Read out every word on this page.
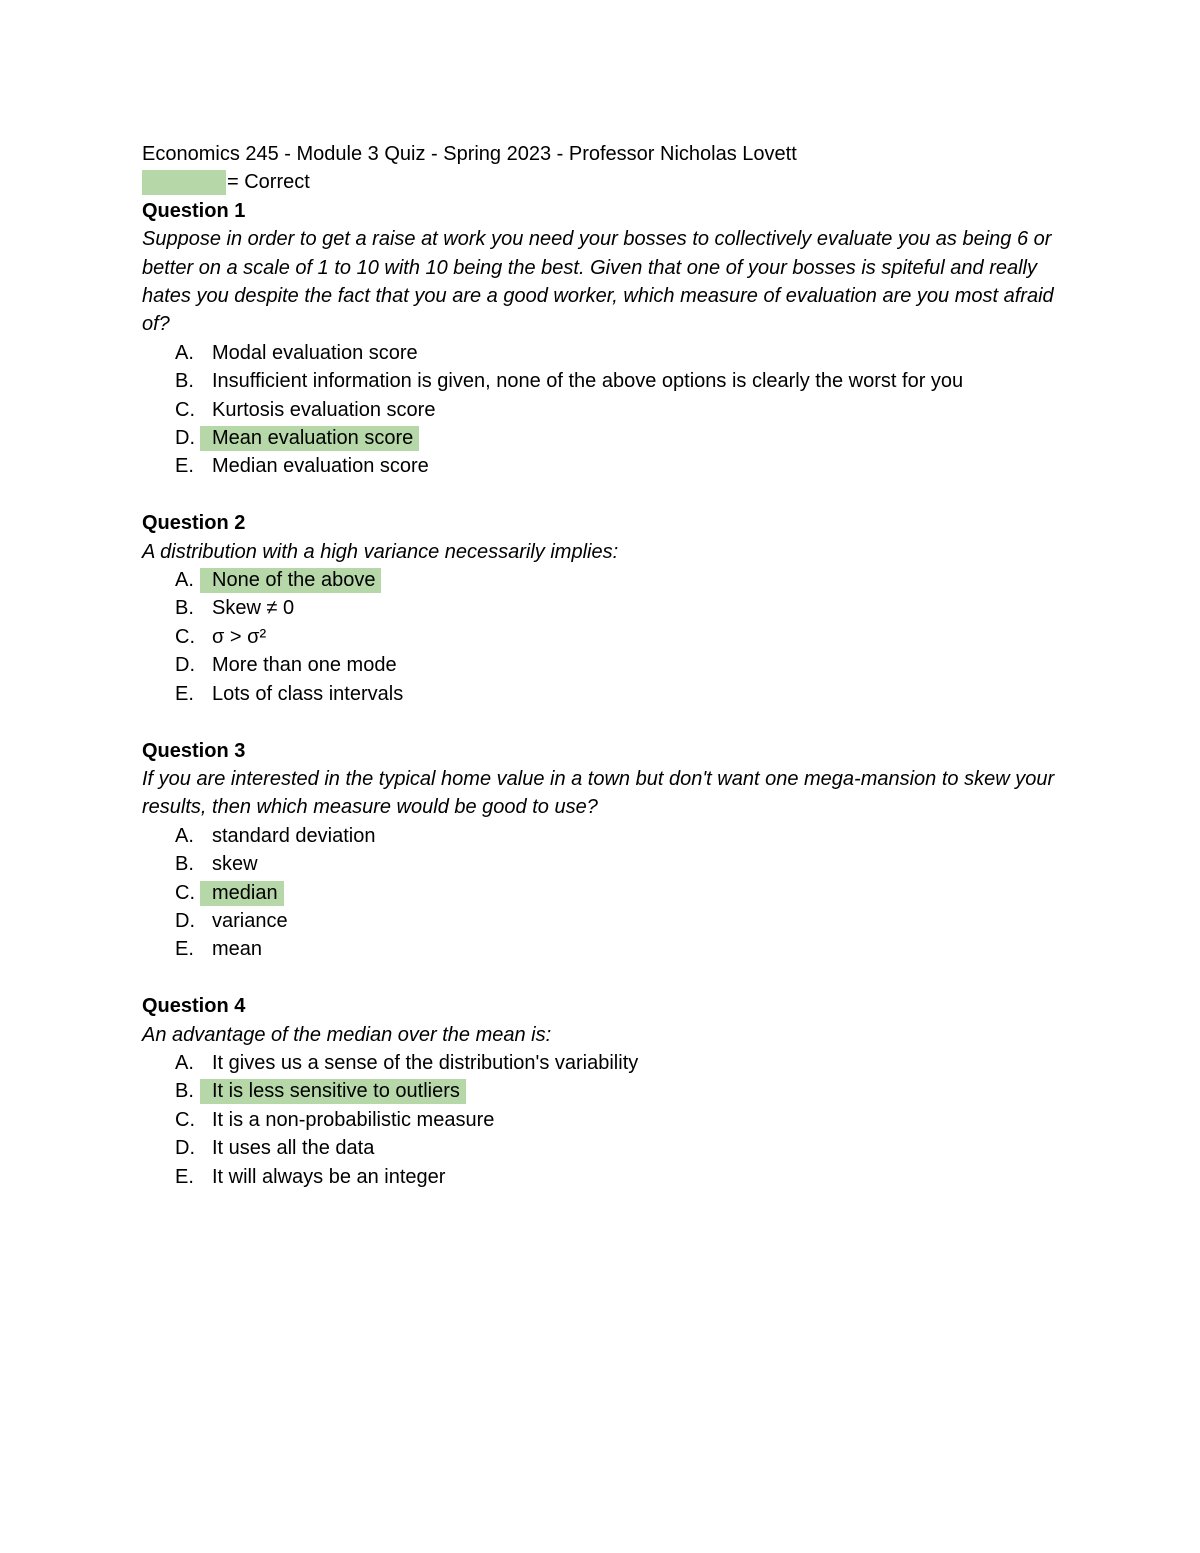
Economics 245 - Module 3 Quiz - Spring 2023 - Professor Nicholas Lovett
= Correct
Question 1
Suppose in order to get a raise at work you need your bosses to collectively evaluate you as being 6 or better on a scale of 1 to 10 with 10 being the best. Given that one of your bosses is spiteful and really hates you despite the fact that you are a good worker, which measure of evaluation are you most afraid of?
A. Modal evaluation score
B. Insufficient information is given, none of the above options is clearly the worst for you
C. Kurtosis evaluation score
D. Mean evaluation score
E. Median evaluation score
Question 2
A distribution with a high variance necessarily implies:
A. None of the above
B. Skew ≠ 0
C. σ > σ²
D. More than one mode
E. Lots of class intervals
Question 3
If you are interested in the typical home value in a town but don't want one mega-mansion to skew your results, then which measure would be good to use?
A. standard deviation
B. skew
C. median
D. variance
E. mean
Question 4
An advantage of the median over the mean is:
A. It gives us a sense of the distribution's variability
B. It is less sensitive to outliers
C. It is a non-probabilistic measure
D. It uses all the data
E. It will always be an integer
